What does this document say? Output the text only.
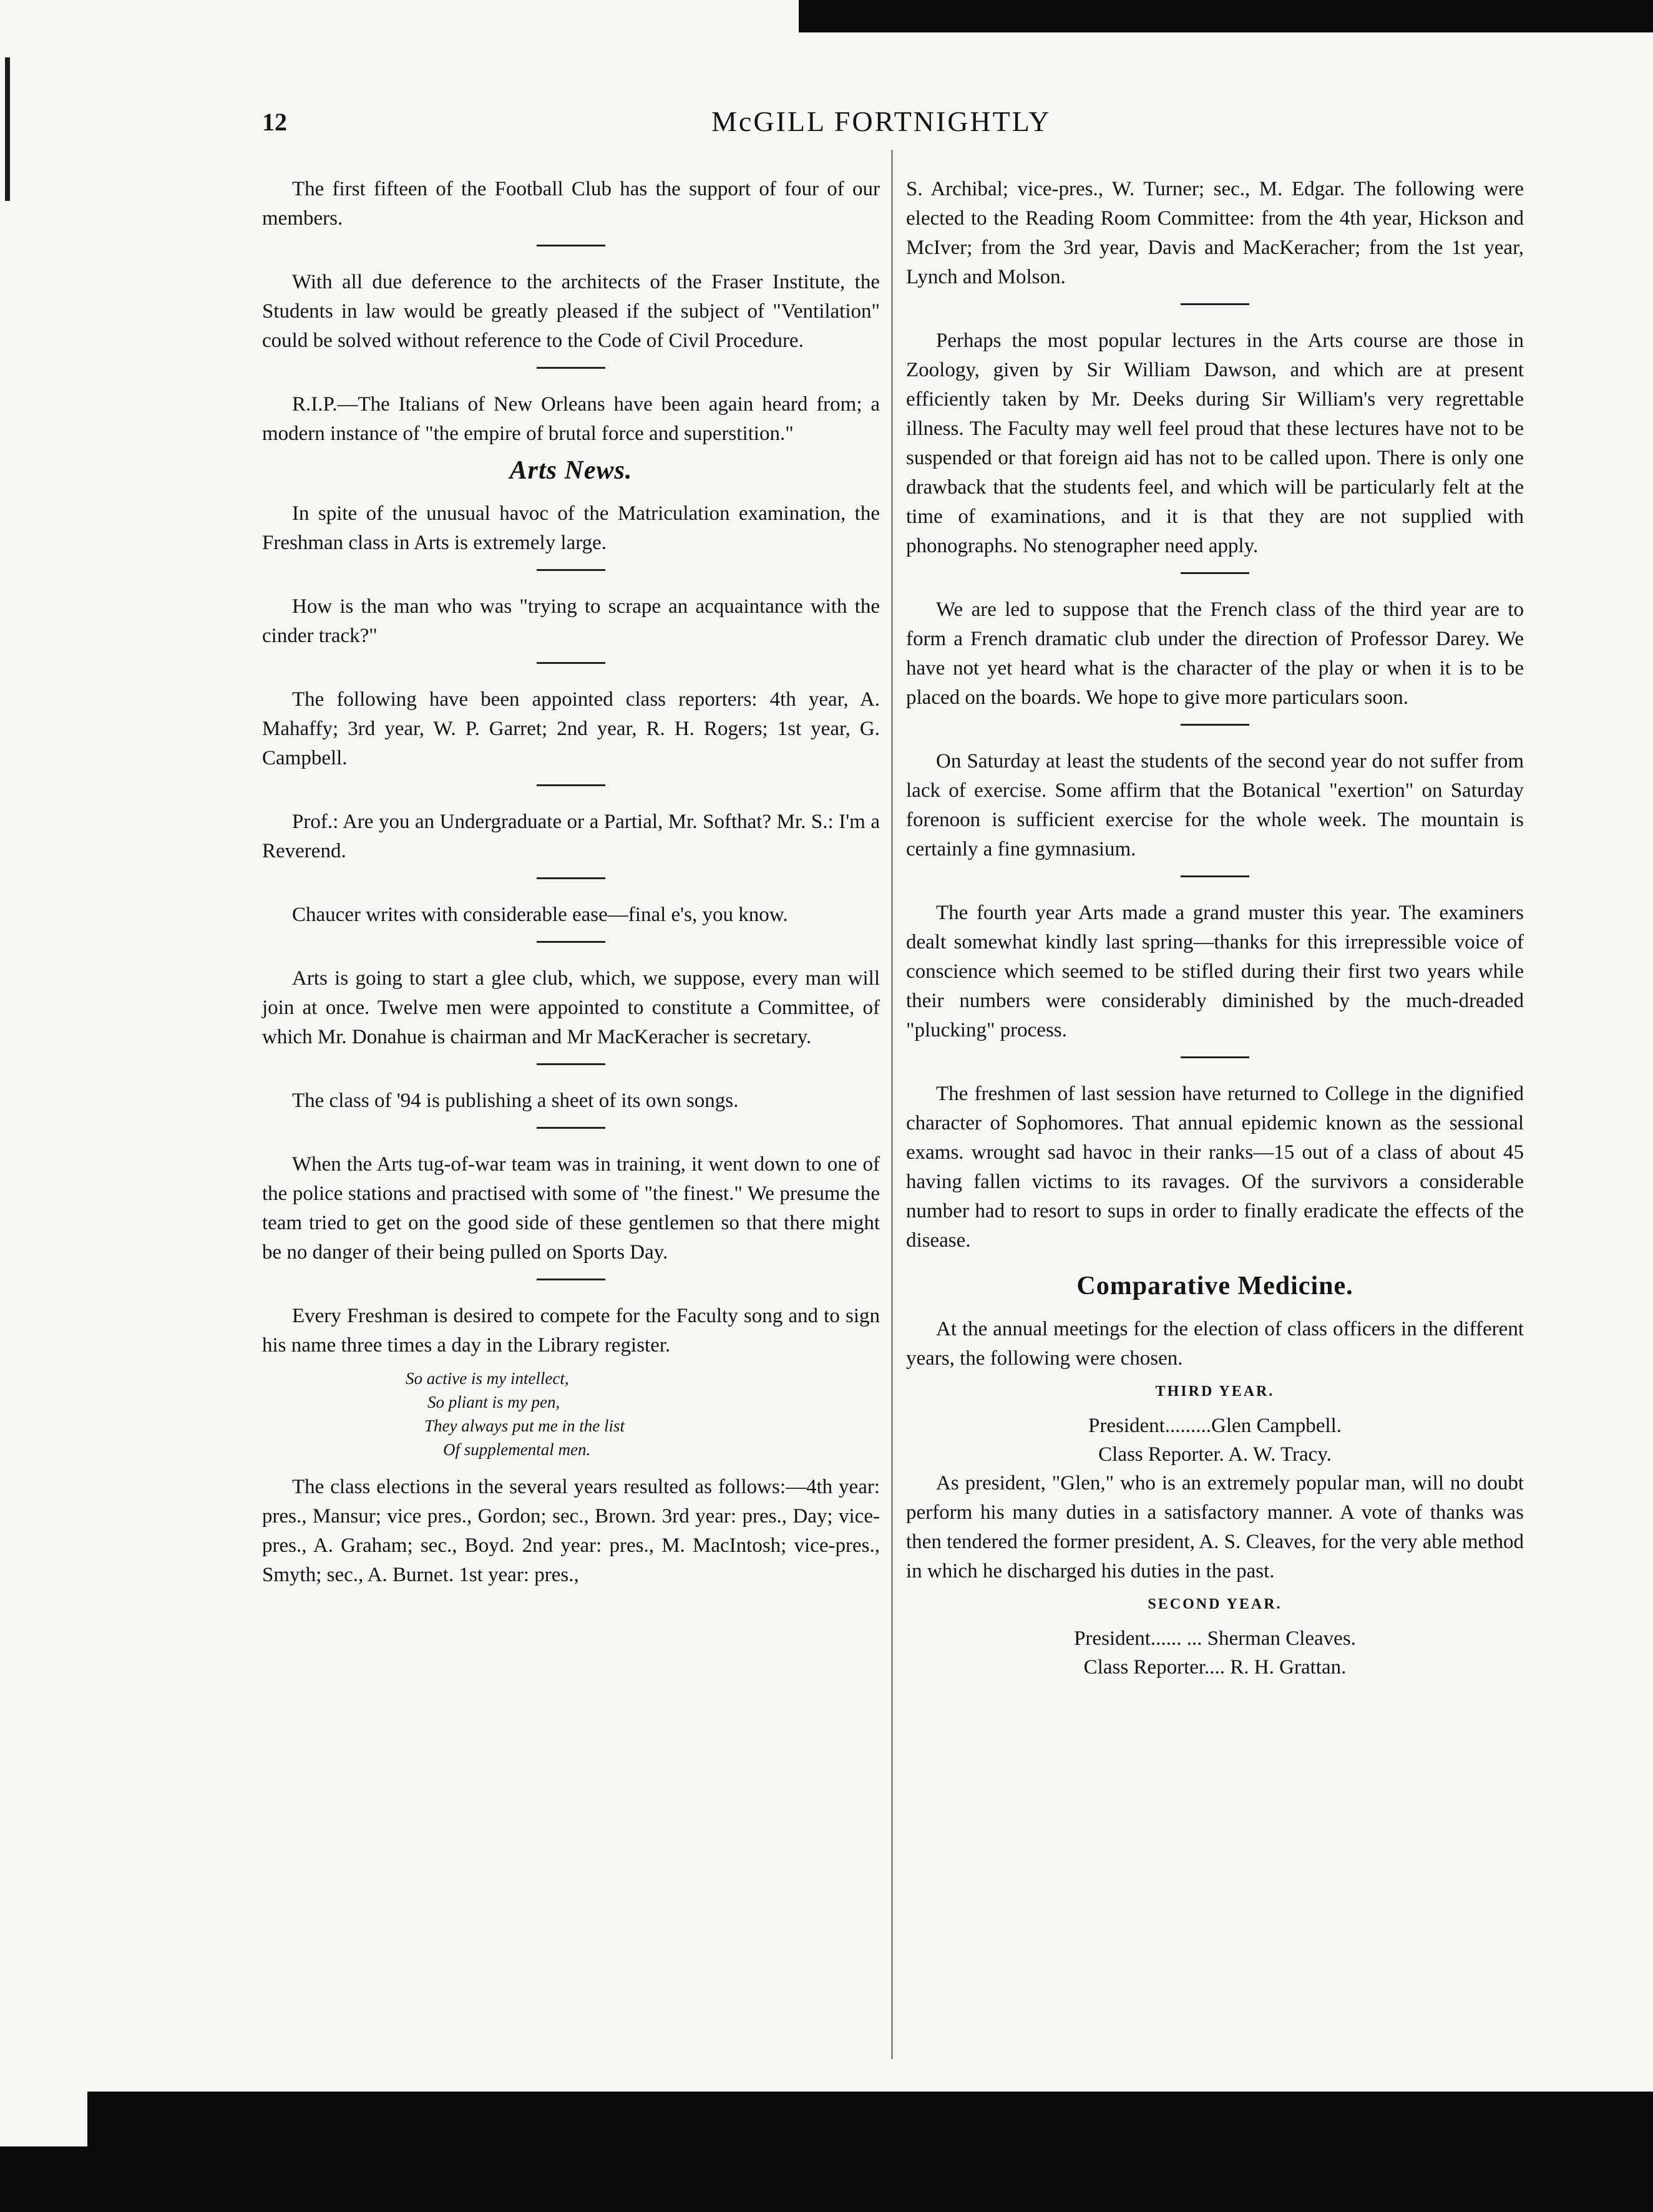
12	McGILL FORTNIGHTLY

The first fifteen of the Football Club has the support of four of our members.

With all due deference to the architects of the Fraser Institute, the Students in law would be greatly pleased if the subject of "Ventilation" could be solved without reference to the Code of Civil Procedure.

R.I.P.—The Italians of New Orleans have been again heard from; a modern instance of "the empire of brutal force and superstition."

Arts News.

In spite of the unusual havoc of the Matriculation examination, the Freshman class in Arts is extremely large.

How is the man who was "trying to scrape an acquaintance with the cinder track?"

The following have been appointed class reporters: 4th year, A. Mahaffy; 3rd year, W. P. Garret; 2nd year, R. H. Rogers; 1st year, G. Campbell.

Prof.: Are you an Undergraduate or a Partial, Mr. Softhat? Mr. S.: I'm a Reverend.

Chaucer writes with considerable ease—final e's, you know.

Arts is going to start a glee club, which, we suppose, every man will join at once. Twelve men were appointed to constitute a Committee, of which Mr. Donahue is chairman and Mr MacKeracher is secretary.

The class of '94 is publishing a sheet of its own songs.

When the Arts tug-of-war team was in training, it went down to one of the police stations and practised with some of "the finest." We presume the team tried to get on the good side of these gentlemen so that there might be no danger of their being pulled on Sports Day.

Every Freshman is desired to compete for the Faculty song and to sign his name three times a day in the Library register.

So active is my intellect,
So pliant is my pen,
They always put me in the list
Of supplemental men.

The class elections in the several years resulted as follows:—4th year: pres., Mansur; vice pres., Gordon; sec., Brown. 3rd year: pres., Day; vice-pres., A. Graham; sec., Boyd. 2nd year: pres., M. MacIntosh; vice-pres., Smyth; sec., A. Burnet. 1st year: pres.,

S. Archibal; vice-pres., W. Turner; sec., M. Edgar. The following were elected to the Reading Room Committee: from the 4th year, Hickson and McIver; from the 3rd year, Davis and MacKeracher; from the 1st year, Lynch and Molson.

Perhaps the most popular lectures in the Arts course are those in Zoology, given by Sir William Dawson, and which are at present efficiently taken by Mr. Deeks during Sir William's very regrettable illness. The Faculty may well feel proud that these lectures have not to be suspended or that foreign aid has not to be called upon. There is only one drawback that the students feel, and which will be particularly felt at the time of examinations, and it is that they are not supplied with phonographs. No stenographer need apply.

We are led to suppose that the French class of the third year are to form a French dramatic club under the direction of Professor Darey. We have not yet heard what is the character of the play or when it is to be placed on the boards. We hope to give more particulars soon.

On Saturday at least the students of the second year do not suffer from lack of exercise. Some affirm that the Botanical "exertion" on Saturday forenoon is sufficient exercise for the whole week. The mountain is certainly a fine gymnasium.

The fourth year Arts made a grand muster this year. The examiners dealt somewhat kindly last spring—thanks for this irrepressible voice of conscience which seemed to be stifled during their first two years while their numbers were considerably diminished by the much-dreaded "plucking" process.

The freshmen of last session have returned to College in the dignified character of Sophomores. That annual epidemic known as the sessional exams. wrought sad havoc in their ranks—15 out of a class of about 45 having fallen victims to its ravages. Of the survivors a considerable number had to resort to sups in order to finally eradicate the effects of the disease.

Comparative Medicine.

At the annual meetings for the election of class officers in the different years, the following were chosen.

THIRD YEAR.
President.........Glen Campbell.
Class Reporter. A. W. Tracy.

As president, "Glen," who is an extremely popular man, will no doubt perform his many duties in a satisfactory manner. A vote of thanks was then tendered the former president, A. S. Cleaves, for the very able method in which he discharged his duties in the past.

SECOND YEAR.
President...... ... Sherman Cleaves.
Class Reporter.... R. H. Grattan.
